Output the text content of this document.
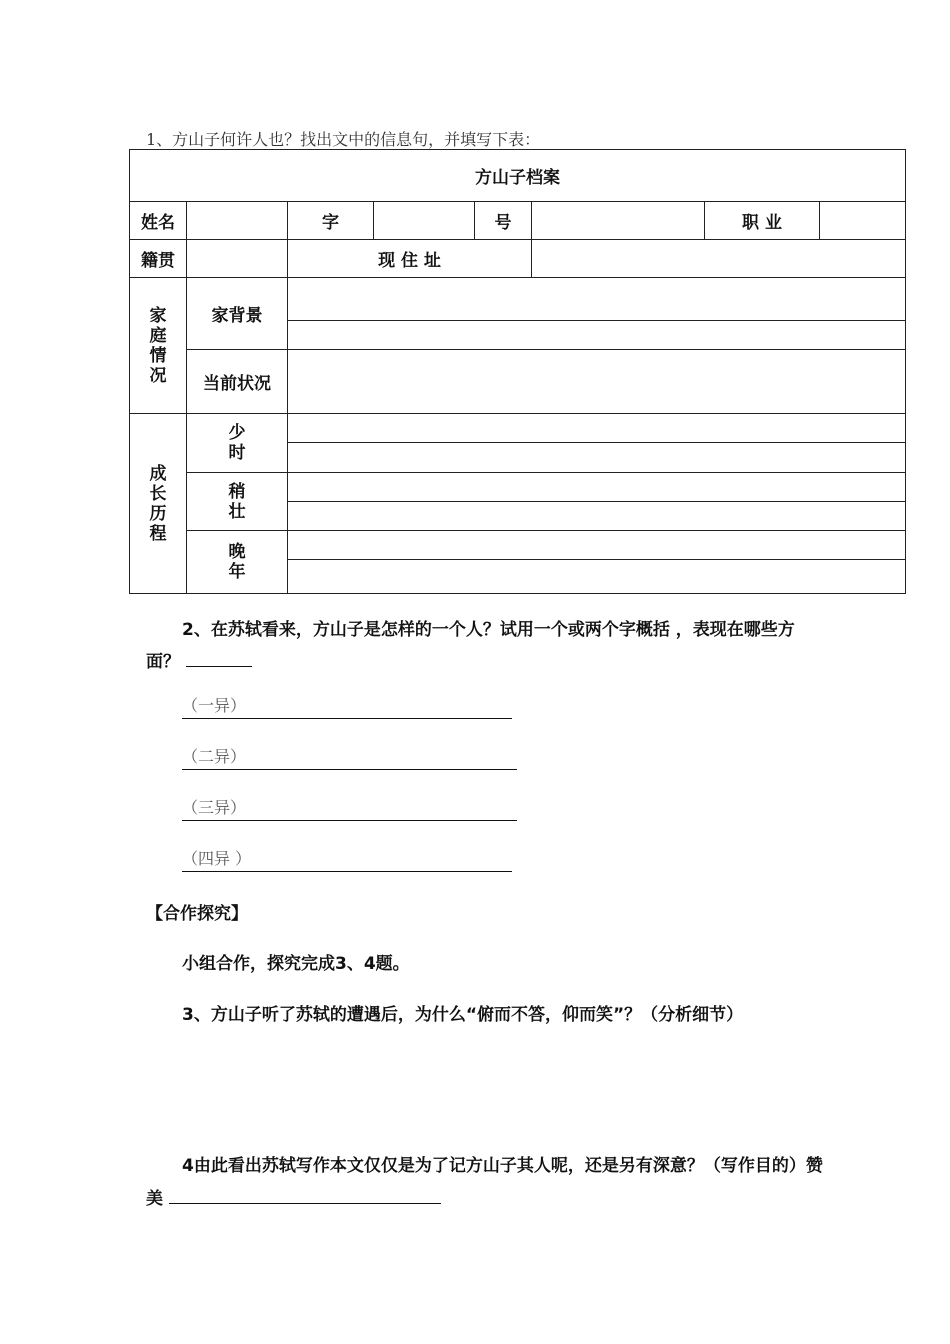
1、方山子何许人也？找出文中的信息句，并填写下表：
方山子档案							
姓名		字		号		职 业	
籍贯		现 住 址					
家庭情况	家背景						

	当前状况						
成长历程	少时						

	稍壮						

	晚年						

2、在苏轼看来，方山子是怎样的一个人？试用一个或两个字概括 ，表现在哪些方面？
（一异）
（二异）
（三异）
（四异 ）
【合作探究】
小组合作，探究完成3、4题。
3、方山子听了苏轼的遭遇后，为什么“俯而不答，仰而笑”？（分析细节）
4由此看出苏轼写作本文仅仅是为了记方山子其人呢，还是另有深意？（写作目的）赞美
